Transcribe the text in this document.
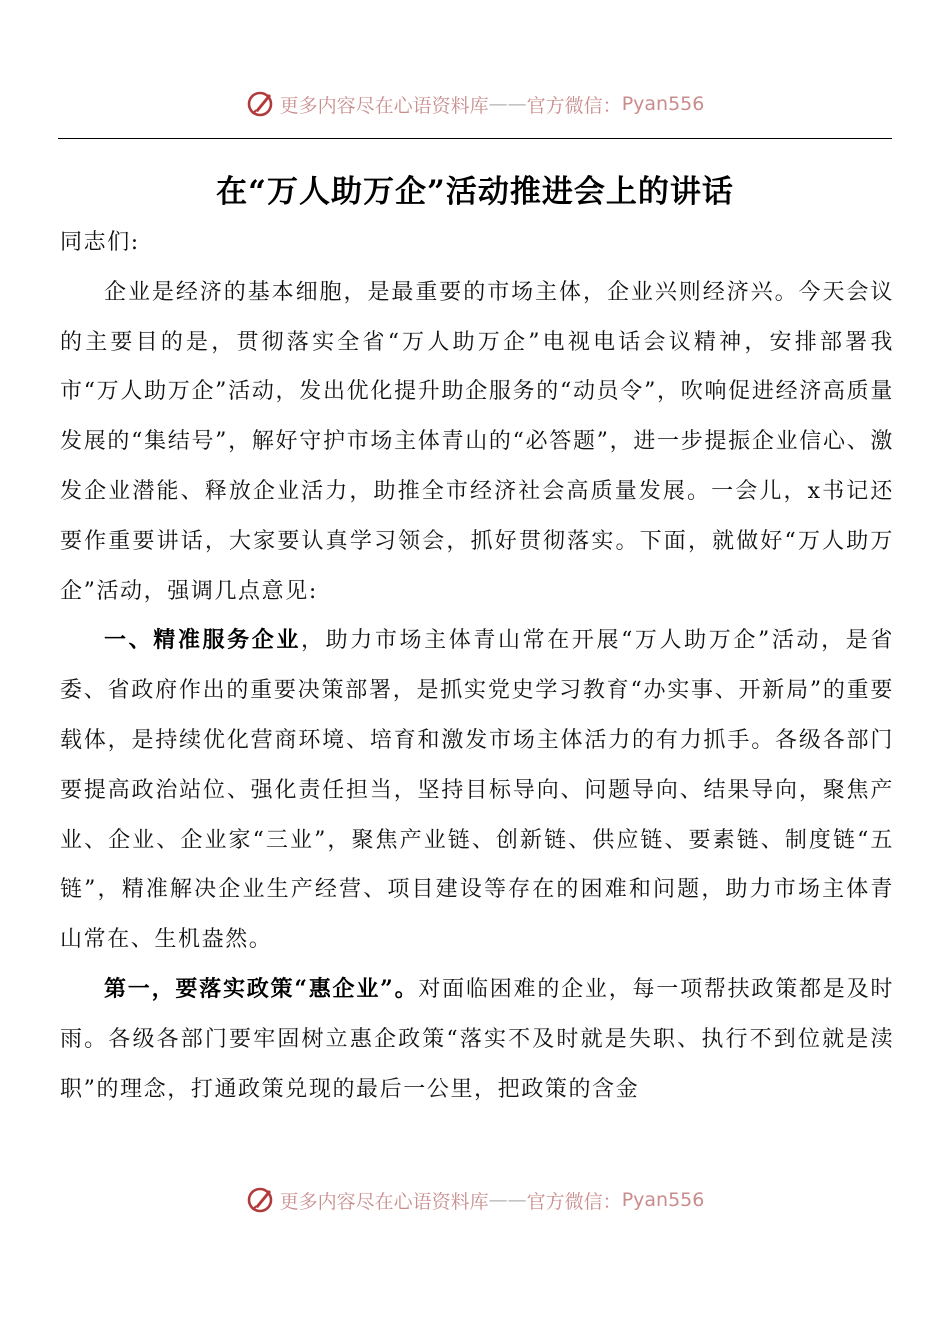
更多内容尽在心语资料库 —— 官方微信： Pyan556
在“万人助万企”活动推进会上的讲话

同志们:

企业是经济的基本细胞，是最重要的市场主体，企业兴则经济兴。今天会议的主要目的是，贯彻落实全省“万人助万企”电视电话会议精神，安排部署我市“万人助万企”活动，发出优化提升助企服务的“动员令”，吹响促进经济高质量发展的“集结号”，解好守护市场主体青山的“必答题”，进一步提振企业信心、激发企业潜能、释放企业活力，助推全市经济社会高质量发展。一会儿，x书记还要作重要讲话，大家要认真学习领会，抓好贯彻落实。下面，就做好“万人助万企”活动，强调几点意见:

一、精准服务企业，助力市场主体青山常在开展“万人助万企”活动，是省委、省政府作出的重要决策部署，是抓实党史学习教育“办实事、开新局”的重要载体，是持续优化营商环境、培育和激发市场主体活力的有力抓手。各级各部门要提高政治站位、强化责任担当，坚持目标导向、问题导向、结果导向，聚焦产业、企业、企业家“三业”，聚焦产业链、创新链、供应链、要素链、制度链“五链”，精准解决企业生产经营、项目建设等存在的困难和问题，助力市场主体青山常在、生机盎然。

第一，要落实政策“惠企业”。对面临困难的企业，每一项帮扶政策都是及时雨。各级各部门要牢固树立惠企政策“落实不及时就是失职、执行不到位就是渎职”的理念，打通政策兑现的最后一公里，把政策的含金

更多内容尽在心语资料库 —— 官方微信： Pyan556
